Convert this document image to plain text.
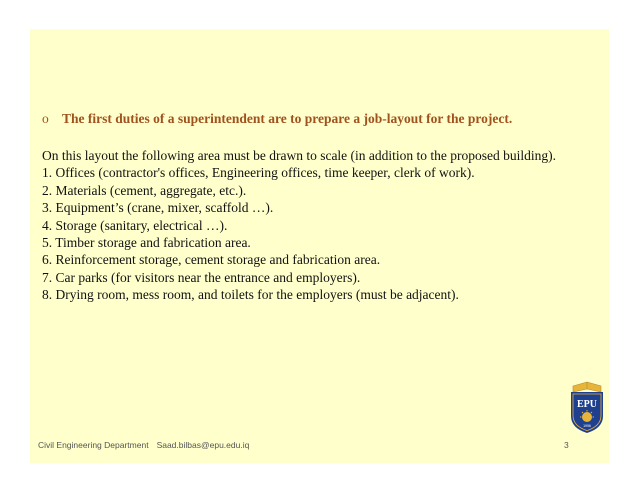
o The first duties of a superintendent are to prepare a job-layout for the project.

On this layout the following area must be drawn to scale (in addition to the proposed building).

1. Offices (contractor's offices, Engineering offices, time keeper, clerk of work).
2. Materials (cement, aggregate, etc.).
3. Equipment’s (crane, mixer, scaffold …).
4. Storage (sanitary, electrical …).
5. Timber storage and fabrication area.
6. Reinforcement storage, cement storage and fabrication area.
7. Car parks (for visitors near the entrance and employers).
8. Drying room, mess room, and toilets for the employers (must be adjacent).
EPU
1996
Civil Engineering Department Saad.bilbas@epu.edu.iq	3
